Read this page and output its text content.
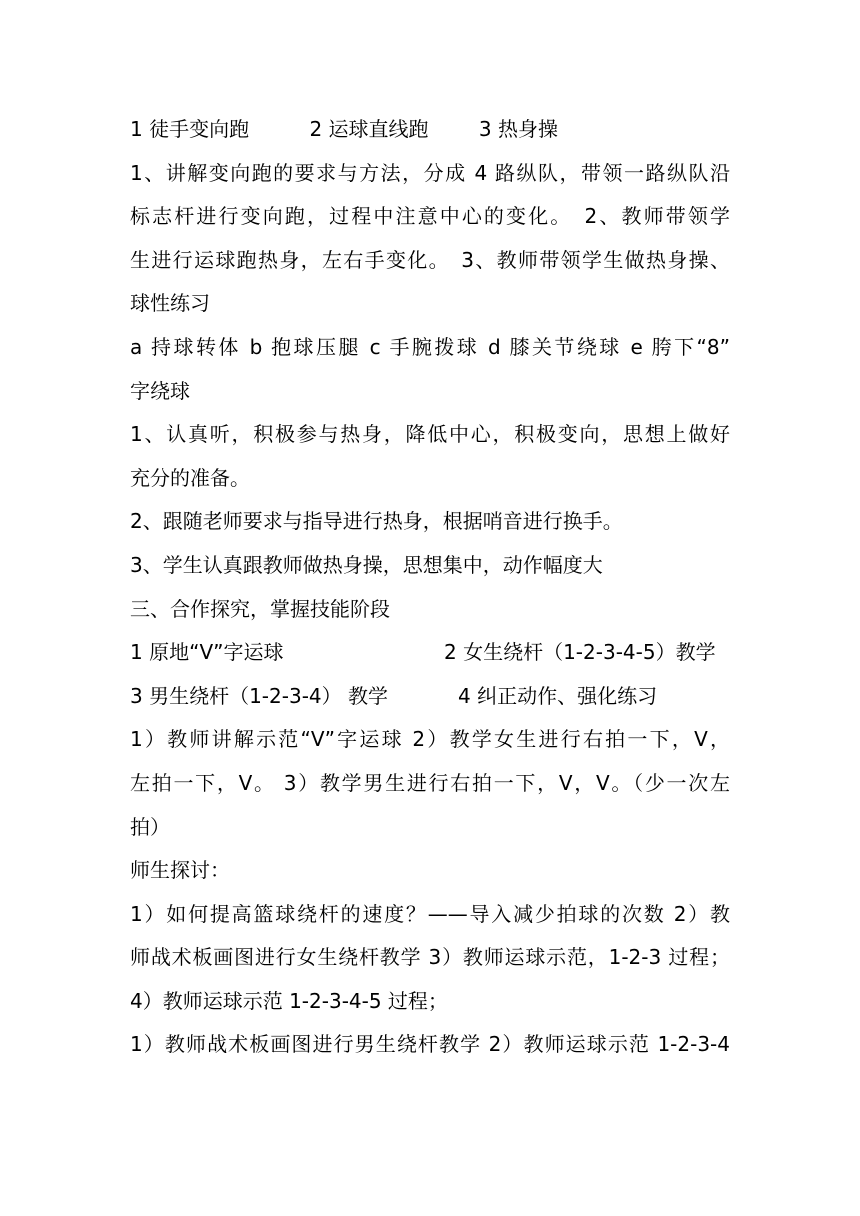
1 徒手变向跑	2 运球直线跑	3 热身操
1、讲解变向跑的要求与方法，分成 4 路纵队，带领一路纵队沿
标志杆进行变向跑，过程中注意中心的变化。　2、教师带领学
生进行运球跑热身，左右手变化。　3、教师带领学生做热身操、
球性练习
a 持球转体 b 抱球压腿 c 手腕拨球 d 膝关节绕球 e 胯下“8”
字绕球
1、认真听，积极参与热身，降低中心，积极变向，思想上做好
充分的准备。
2、跟随老师要求与指导进行热身，根据哨音进行换手。
3、学生认真跟教师做热身操，思想集中，动作幅度大
三、合作探究，掌握技能阶段
1 原地“V”字运球	2 女生绕杆（1-2-3-4-5）教学
3 男生绕杆（1-2-3-4） 教学	4 纠正动作、强化练习
1）教师讲解示范“V”字运球 2）教学女生进行右拍一下，V，
左拍一下，V。 3）教学男生进行右拍一下，V，V。（少一次左
拍）
师生探讨：
1）如何提高篮球绕杆的速度？——导入减少拍球的次数 2）教
师战术板画图进行女生绕杆教学 3）教师运球示范，1-2-3 过程；
4）教师运球示范 1-2-3-4-5 过程；
1）教师战术板画图进行男生绕杆教学 2）教师运球示范 1-2-3-4
